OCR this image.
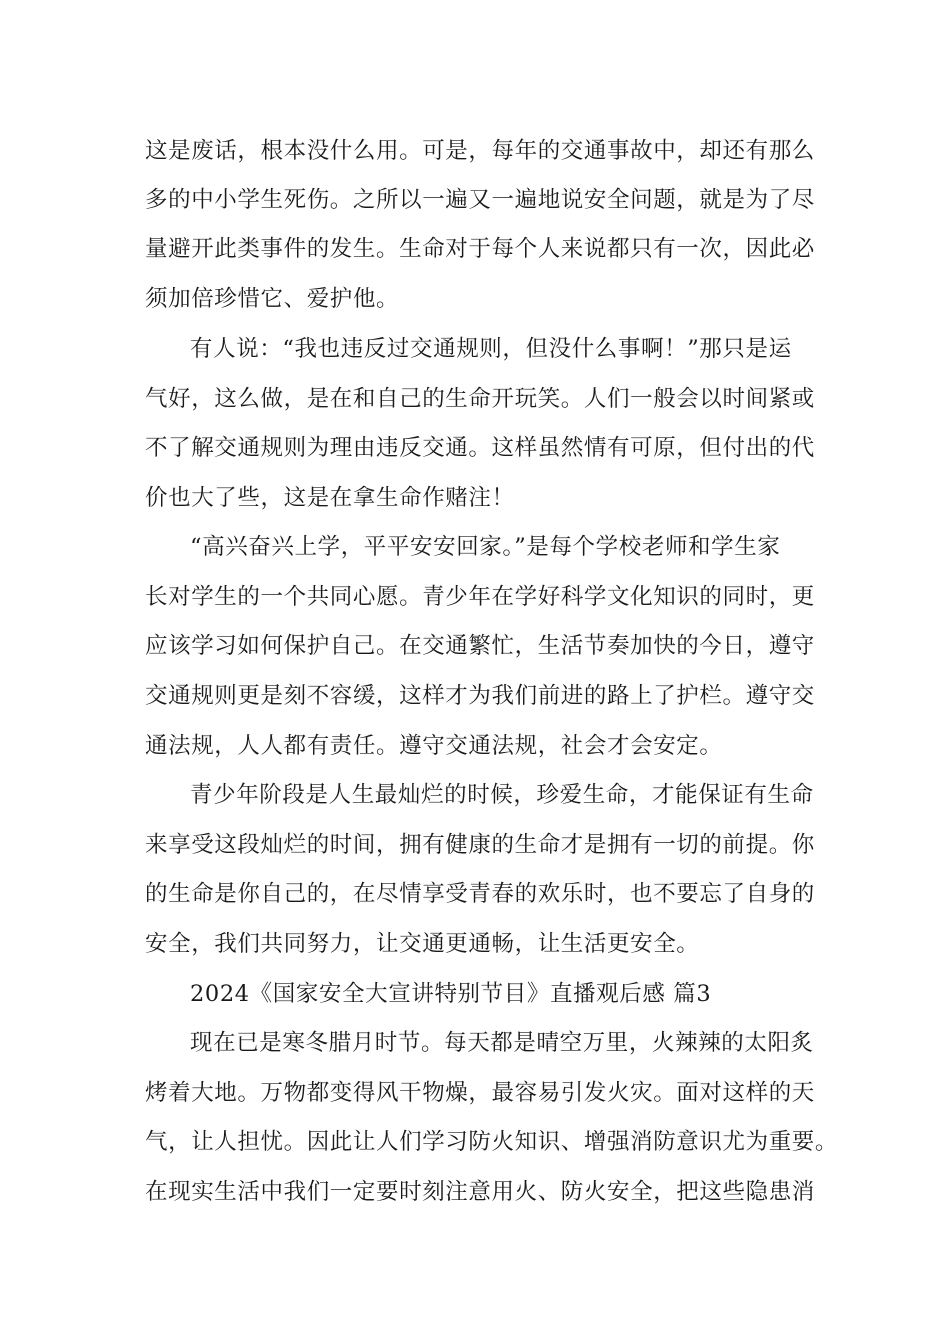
这是废话，根本没什么用。可是，每年的交通事故中，却还有那么
多的中小学生死伤。之所以一遍又一遍地说安全问题，就是为了尽
量避开此类事件的发生。生命对于每个人来说都只有一次，因此必
须加倍珍惜它、爱护他。
有人说：“我也违反过交通规则，但没什么事啊！”那只是运
气好，这么做，是在和自己的生命开玩笑。人们一般会以时间紧或
不了解交通规则为理由违反交通。这样虽然情有可原，但付出的代
价也大了些，这是在拿生命作赌注！
“高兴奋兴上学，平平安安回家。”是每个学校老师和学生家
长对学生的一个共同心愿。青少年在学好科学文化知识的同时，更
应该学习如何保护自己。在交通繁忙，生活节奏加快的今日，遵守
交通规则更是刻不容缓，这样才为我们前进的路上了护栏。遵守交
通法规，人人都有责任。遵守交通法规，社会才会安定。
青少年阶段是人生最灿烂的时候，珍爱生命，才能保证有生命
来享受这段灿烂的时间，拥有健康的生命才是拥有一切的前提。你
的生命是你自己的，在尽情享受青春的欢乐时，也不要忘了自身的
安全，我们共同努力，让交通更通畅，让生活更安全。
2024《国家安全大宣讲特别节目》直播观后感 篇3
现在已是寒冬腊月时节。每天都是晴空万里，火辣辣的太阳炙
烤着大地。万物都变得风干物燥，最容易引发火灾。面对这样的天
气，让人担忧。因此让人们学习防火知识、增强消防意识尤为重要。
在现实生活中我们一定要时刻注意用火、防火安全，把这些隐患消
